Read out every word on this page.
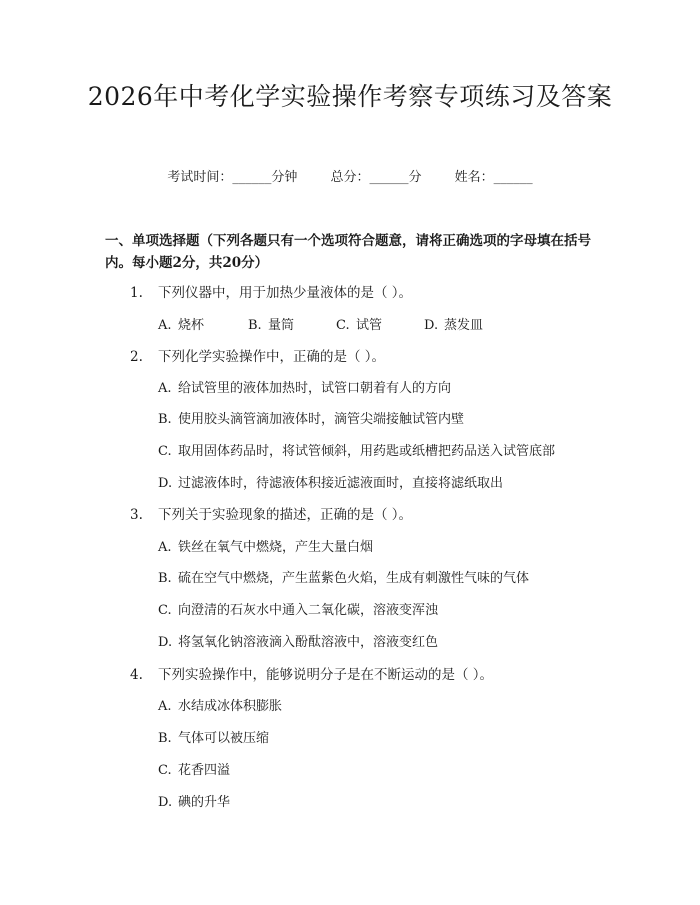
2026年中考化学实验操作考察专项练习及答案
考试时间：______分钟	总分：______分	姓名：______
一、单项选择题（下列各题只有一个选项符合题意，请将正确选项的字母填在括号内。每小题2分，共20分）
1. 下列仪器中，用于加热少量液体的是（ ）。
A. 烧杯	B. 量筒	C. 试管	D. 蒸发皿
2. 下列化学实验操作中，正确的是（ ）。
A. 给试管里的液体加热时，试管口朝着有人的方向
B. 使用胶头滴管滴加液体时，滴管尖端接触试管内壁
C. 取用固体药品时，将试管倾斜，用药匙或纸槽把药品送入试管底部
D. 过滤液体时，待滤液体积接近滤液面时，直接将滤纸取出
3. 下列关于实验现象的描述，正确的是（ ）。
A. 铁丝在氧气中燃烧，产生大量白烟
B. 硫在空气中燃烧，产生蓝紫色火焰，生成有刺激性气味的气体
C. 向澄清的石灰水中通入二氧化碳，溶液变浑浊
D. 将氢氧化钠溶液滴入酚酞溶液中，溶液变红色
4. 下列实验操作中，能够说明分子是在不断运动的是（ ）。
A. 水结成冰体积膨胀
B. 气体可以被压缩
C. 花香四溢
D. 碘的升华
